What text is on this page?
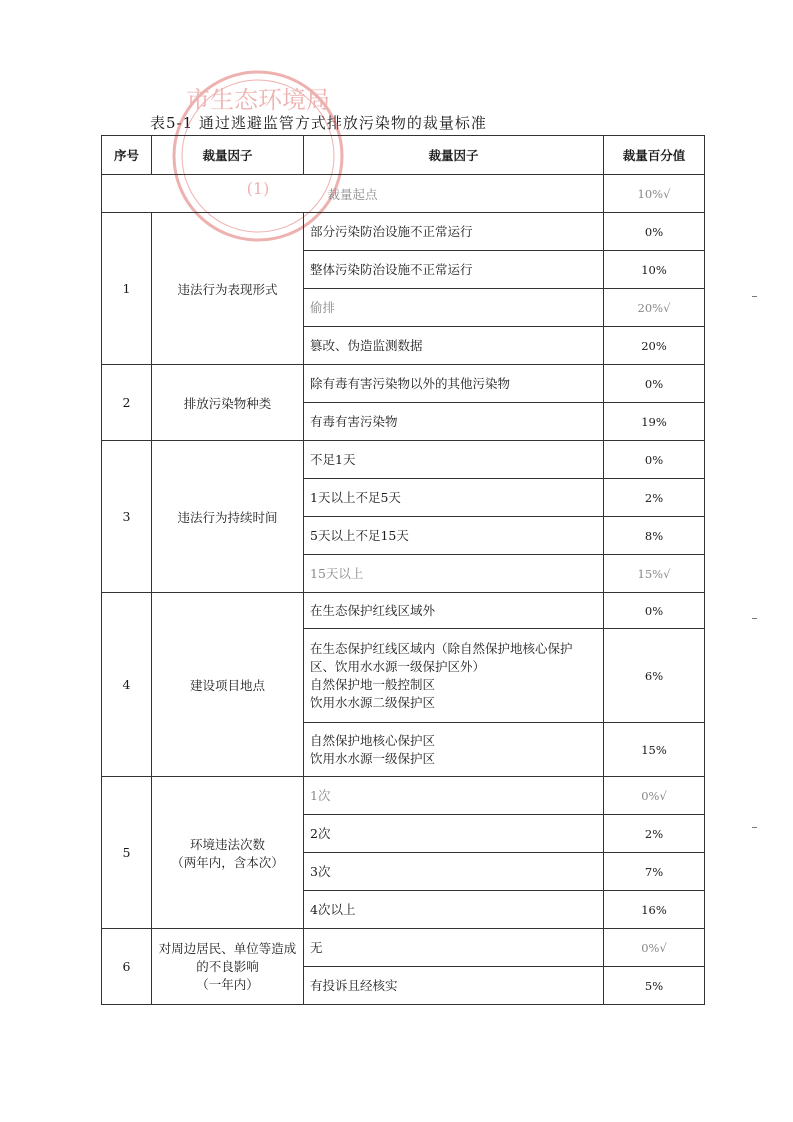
表5-1 通过逃避监管方式排放污染物的裁量标准
市生态环境局
(1)
序号	裁量因子	裁量因子	裁量百分值
裁量起点			10%√
1	违法行为表现形式	部分污染防治设施不正常运行	0%
		整体污染防治设施不正常运行	10%
		偷排	20%√
		篡改、伪造监测数据	20%
2	排放污染物种类	除有毒有害污染物以外的其他污染物	0%
		有毒有害污染物	19%
3	违法行为持续时间	不足1天	0%
		1天以上不足5天	2%
		5天以上不足15天	8%
		15天以上	15%√
4	建设项目地点	在生态保护红线区域外	0%
		在生态保护红线区域内（除自然保护地核心保护区、饮用水水源一级保护区外）
自然保护地一般控制区
饮用水水源二级保护区	6%
		自然保护地核心保护区
饮用水水源一级保护区	15%
5	环境违法次数
（两年内，含本次）	1次	0%√
		2次	2%
		3次	7%
		4次以上	16%
6	对周边居民、单位等造成的不良影响
（一年内）	无	0%√
		有投诉且经核实	5%
